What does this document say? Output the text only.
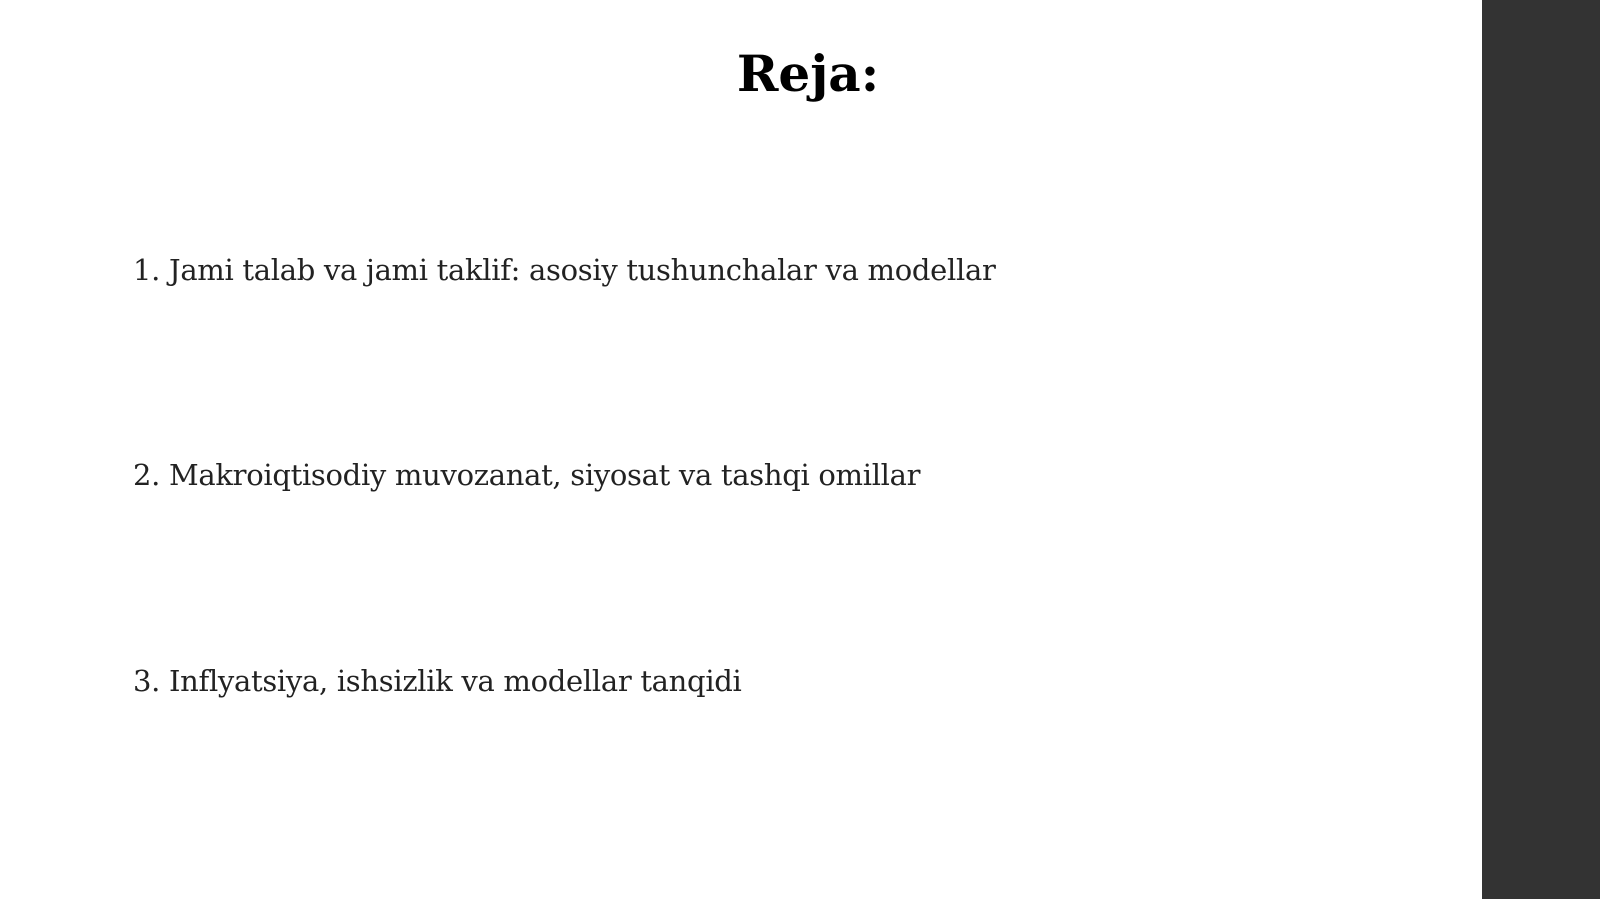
Reja:
1. Jami talab va jami taklif: asosiy tushunchalar va modellar
2. Makroiqtisodiy muvozanat, siyosat va tashqi omillar
3. Inflyatsiya, ishsizlik va modellar tanqidi
